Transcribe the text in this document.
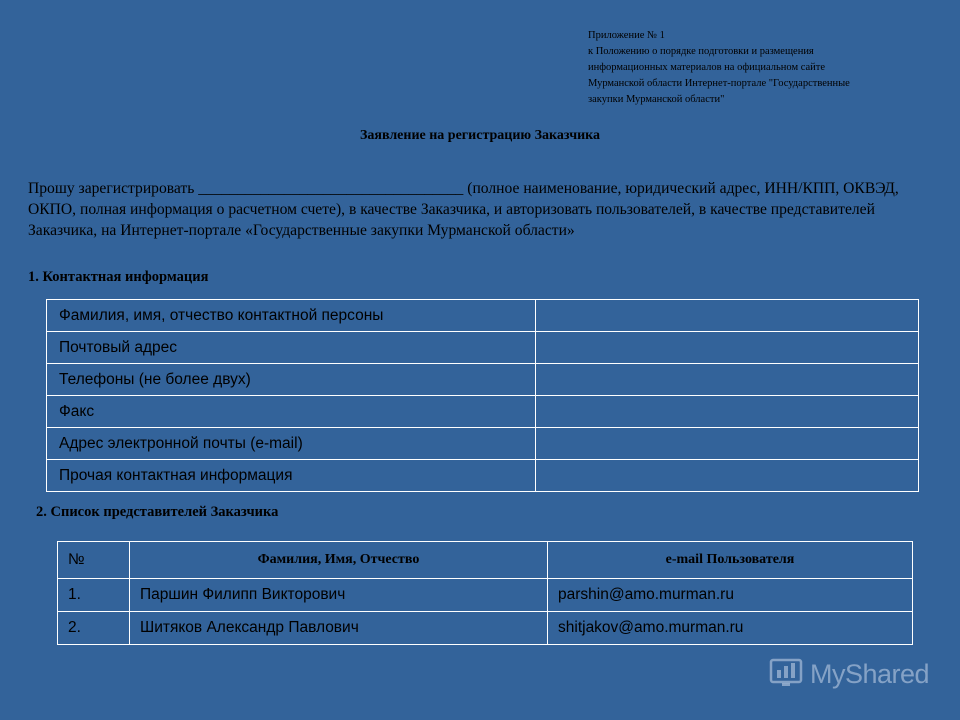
Приложение № 1
к Положению о порядке подготовки и размещения
информационных материалов на официальном сайте
Мурманской области Интернет-портале "Государственные
закупки Мурманской области"
Заявление на регистрацию Заказчика
Прошу зарегистрировать __________________________________ (полное наименование, юридический адрес, ИНН/КПП, ОКВЭД, ОКПО, полная информация о расчетном счете), в качестве Заказчика, и авторизовать пользователей, в качестве представителей Заказчика, на Интернет-портале «Государственные закупки Мурманской области»
1. Контактная информация
Фамилия, имя, отчество контактной персоны	
Почтовый адрес	
Телефоны (не более двух)	
Факс	
Адрес электронной почты (e-mail)	
Прочая контактная информация	
2. Список представителей Заказчика
№	Фамилия, Имя, Отчество	e-mail Пользователя
1.	Паршин Филипп Викторович	parshin@amo.murman.ru
2.	Шитяков Александр Павлович	shitjakov@amo.murman.ru
MyShared
